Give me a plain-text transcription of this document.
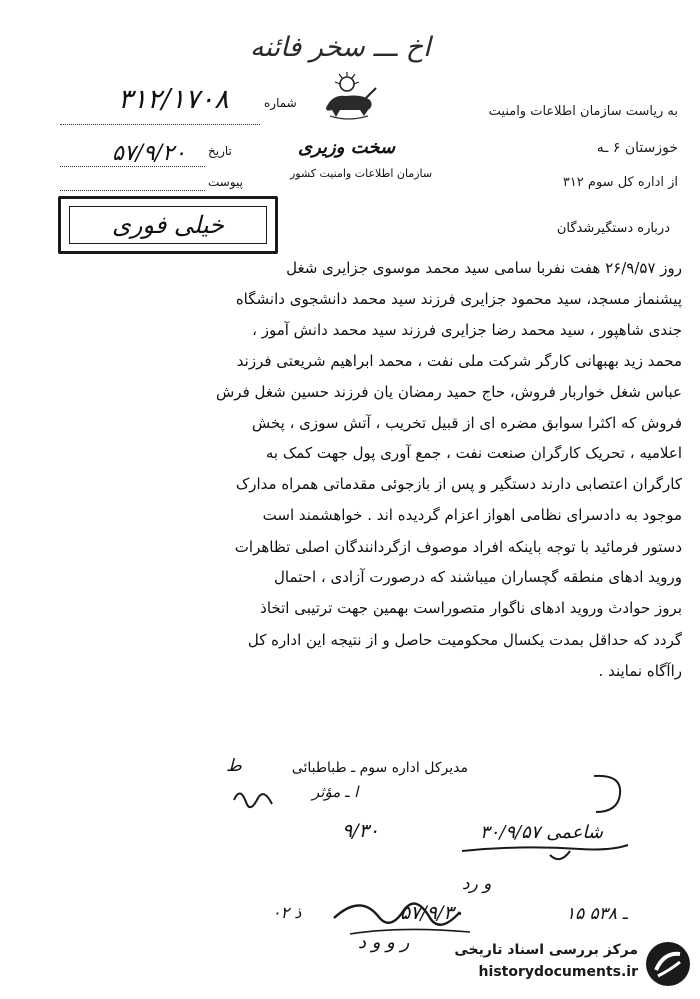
اخ ـــ سخر فائنه
به ریاست سازمان اطلاعات وامنیت
خوزستان ۶ ـه
از اداره کل سوم ۳۱۲
سخت وزیری
سازمان اطلاعات وامنیت کشور
شماره
۳۱۲/۱۷۰۸
تاریخ
۵۷/۹/۲۰
پیوست
خیلی فوری	درباره دستگیرشدگان
روز ۲۶/۹/۵۷ هفت نفربا سامی سید محمد موسوی جزایری شغل
پیشنماز مسجد، سید محمود جزایری فرزند سید محمد دانشجوی دانشگاه
جندی شاهپور ، سید محمد رضا جزایری فرزند سید محمد دانش آموز ،
محمد زید بهبهانی کارگر شرکت ملی نفت ، محمد ابراهیم شریعتی فرزند
عباس شغل خواربار فروش، حاج حمید رمضان یان فرزند حسین شغل فرش
فروش که اکثرا سوابق مضره ای از قبیل تخریب ، آتش سوزی ، پخش
اعلامیه ، تحریک کارگران صنعت نفت ، جمع آوری پول جهت کمک به
کارگران اعتصابی دارند دستگیر و پس از بازجوئی مقدماتی همراه مدارک
موجود به دادسرای نظامی اهواز اعزام گردیده اند . خواهشمند است
دستور فرمائید با توجه باینکه افراد موصوف ازگردانندگان اصلی تظاهرات
وروید ادهای منطقه گچساران میباشند که درصورت آزادی ، احتمال
بروز حوادث وروید ادهای ناگوار متصوراست بهمین جهت ترتیبی اتخاذ
گردد که حداقل بمدت یکسال محکومیت حاصل و از نتیجه این اداره کل
راآگاه نمایند .
مدیرکل اداره سوم ـ طباطبائی
ط
ا ـ مؤثر
۹/۳۰	شاعمی ۳۰/۹/۵۷
و رد
۵۷/۹/۳۰
ر و و د
۱۵ ـ ۵۳۸
ذ ۰۲
مرکز بررسی اسناد تاریخی
historydocuments.ir
